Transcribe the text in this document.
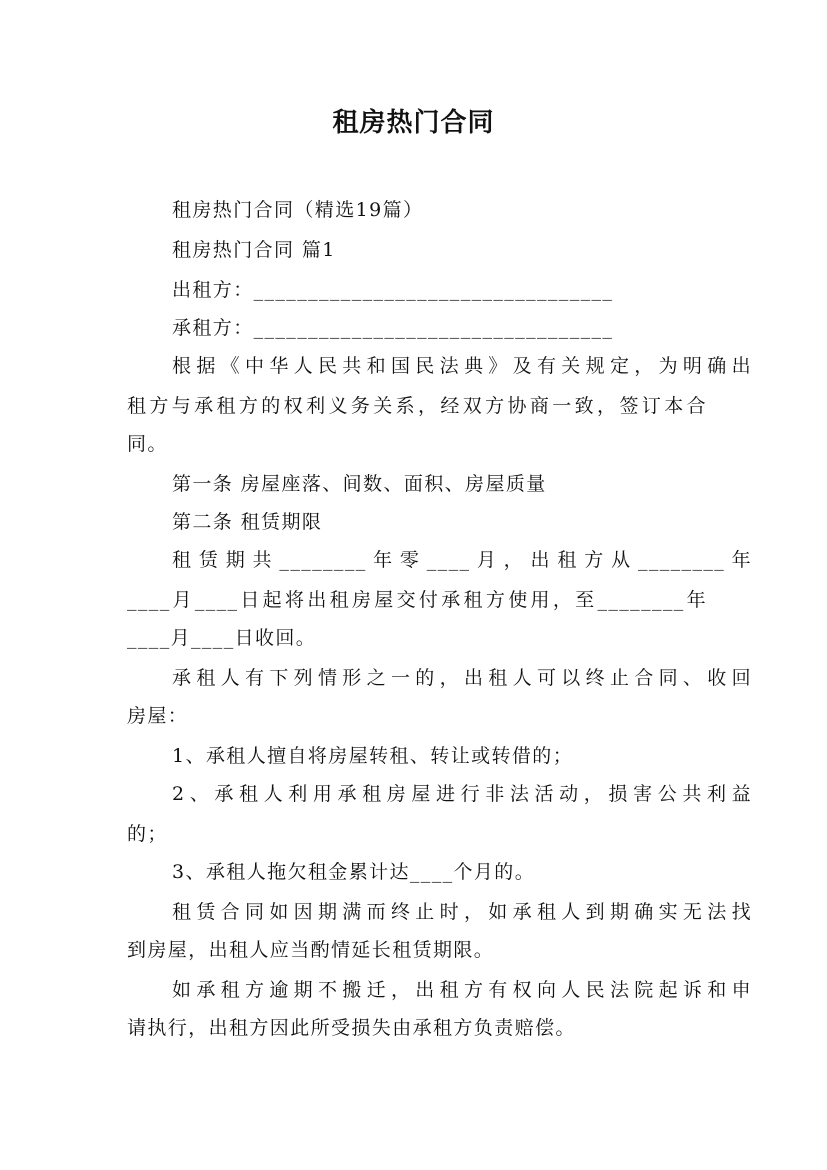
租房热门合同
租房热门合同（精选19篇）
租房热门合同 篇1
出租方：_________________________________
承租方：_________________________________
根据《中华人民共和国民法典》及有关规定，为明确出
租方与承租方的权利义务关系，经双方协商一致，签订本合
同。
第一条 房屋座落、间数、面积、房屋质量
第二条 租赁期限
租赁期共________年零____月，出租方从________年
____月____日起将出租房屋交付承租方使用，至________年
____月____日收回。
承租人有下列情形之一的，出租人可以终止合同、收回
房屋：
1、承租人擅自将房屋转租、转让或转借的；
2、承租人利用承租房屋进行非法活动，损害公共利益
的；
3、承租人拖欠租金累计达____个月的。
租赁合同如因期满而终止时，如承租人到期确实无法找
到房屋，出租人应当酌情延长租赁期限。
如承租方逾期不搬迁，出租方有权向人民法院起诉和申
请执行，出租方因此所受损失由承租方负责赔偿。
